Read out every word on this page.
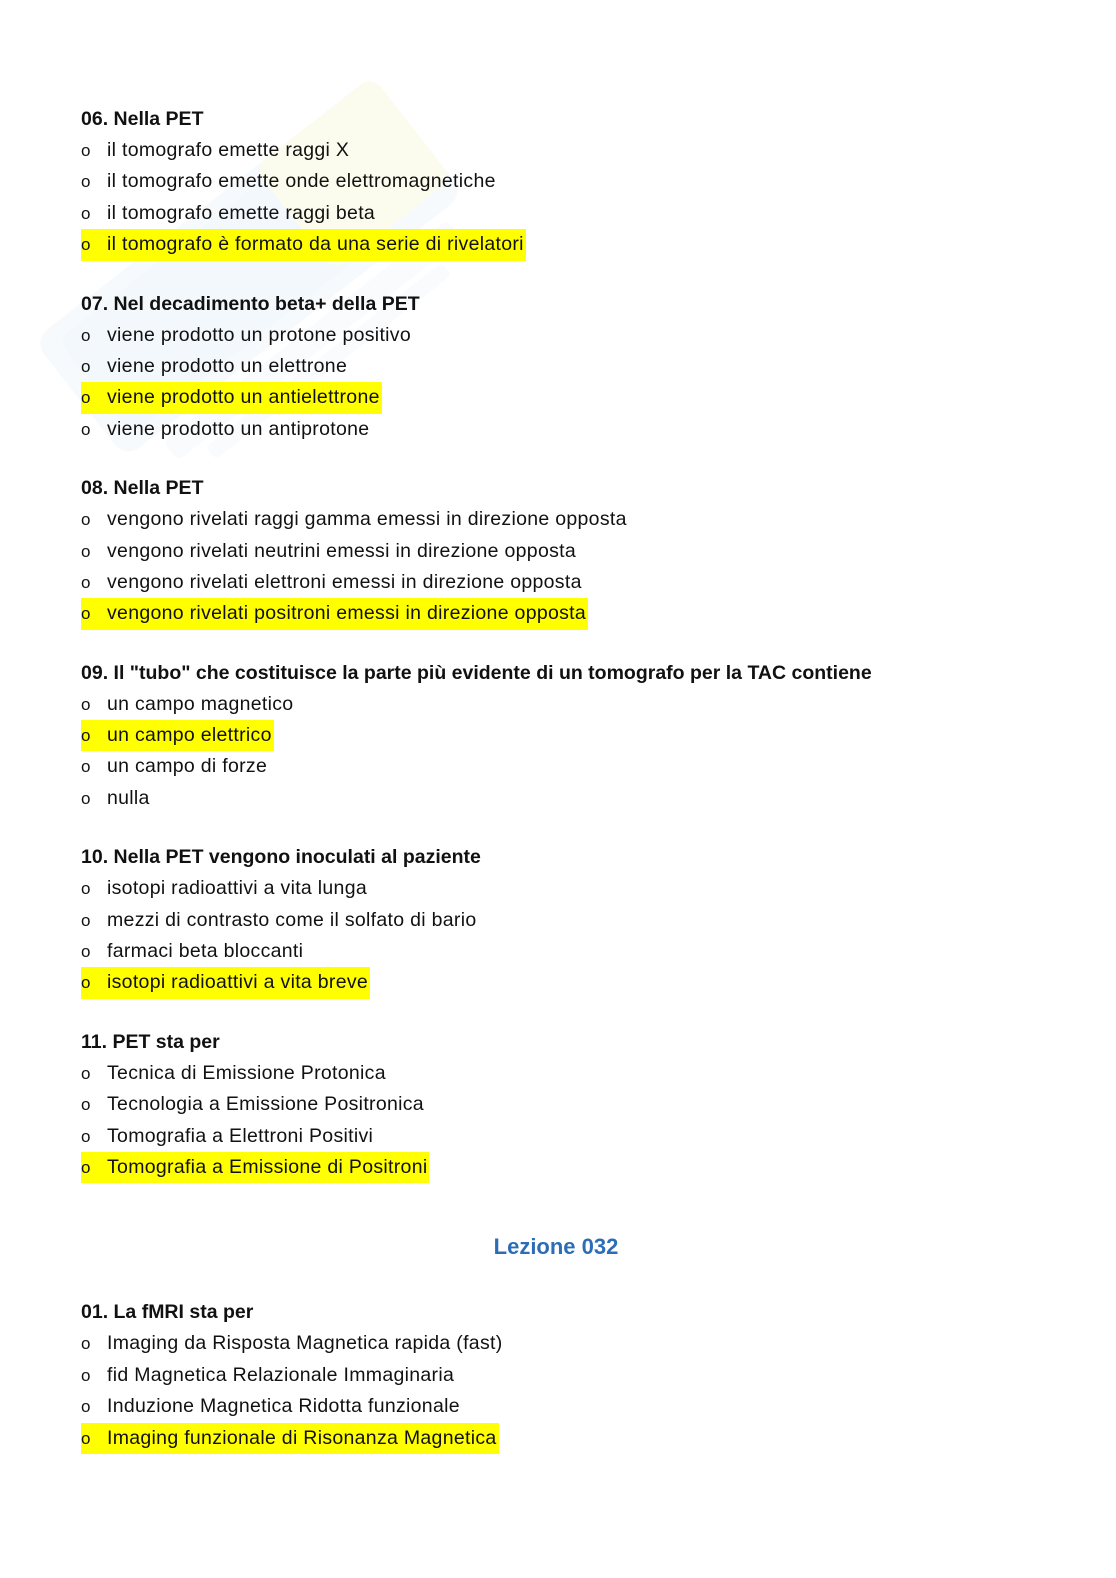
06. Nella PET
o il tomografo emette raggi X
o il tomografo emette onde elettromagnetiche
o il tomografo emette raggi beta
o il tomografo è formato da una serie di rivelatori
07. Nel decadimento beta+ della PET
o viene prodotto un protone positivo
o viene prodotto un elettrone
o viene prodotto un antielettrone
o viene prodotto un antiprotone
08. Nella PET
o vengono rivelati raggi gamma emessi in direzione opposta
o vengono rivelati neutrini emessi in direzione opposta
o vengono rivelati elettroni emessi in direzione opposta
o vengono rivelati positroni emessi in direzione opposta
09. Il "tubo" che costituisce la parte più evidente di un tomografo per la TAC contiene
o un campo magnetico
o un campo elettrico
o un campo di forze
o nulla
10. Nella PET vengono inoculati al paziente
o isotopi radioattivi a vita lunga
o mezzi di contrasto come il solfato di bario
o farmaci beta bloccanti
o isotopi radioattivi a vita breve
11. PET sta per
o Tecnica di Emissione Protonica
o Tecnologia a Emissione Positronica
o Tomografia a Elettroni Positivi
o Tomografia a Emissione di Positroni
Lezione 032
01. La fMRI sta per
o Imaging da Risposta Magnetica rapida (fast)
o fid Magnetica Relazionale Immaginaria
o Induzione Magnetica Ridotta funzionale
o Imaging funzionale di Risonanza Magnetica
